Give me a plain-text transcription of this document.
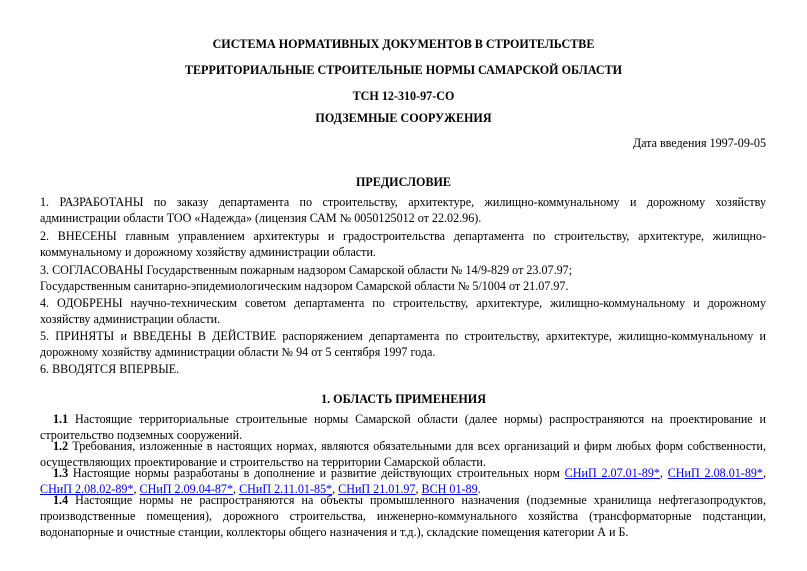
СИСТЕМА НОРМАТИВНЫХ ДОКУМЕНТОВ В СТРОИТЕЛЬСТВЕ
ТЕРРИТОРИАЛЬНЫЕ СТРОИТЕЛЬНЫЕ НОРМЫ САМАРСКОЙ ОБЛАСТИ
ТСН 12-310-97-СО
ПОДЗЕМНЫЕ СООРУЖЕНИЯ
Дата введения 1997-09-05
ПРЕДИСЛОВИЕ

1. РАЗРАБОТАНЫ по заказу департамента по строительству, архитектуре, жилищно-коммунальному и дорожному хозяйству администрации области ТОО «Надежда» (лицензия САМ № 0050125012 от 22.02.96).

2. ВНЕСЕНЫ главным управлением архитектуры и градостроительства департамента по строительству, архитектуре, жилищно-коммунальному и дорожному хозяйству администрации области.

3. СОГЛАСОВАНЫ Государственным пожарным надзором Самарской области № 14/9-829 от 23.07.97;

Государственным санитарно-эпидемиологическим надзором Самарской области № 5/1004 от 21.07.97.

4. ОДОБРЕНЫ научно-техническим советом департамента по строительству, архитектуре, жилищно-коммунальному и дорожному хозяйству администрации области.

5. ПРИНЯТЫ и ВВЕДЕНЫ В ДЕЙСТВИЕ распоряжением департамента по строительству, архитектуре, жилищно-коммунальному и дорожному хозяйству администрации области № 94 от 5 сентября 1997 года.

6. ВВОДЯТСЯ ВПЕРВЫЕ.

1. ОБЛАСТЬ ПРИМЕНЕНИЯ

1.1 Настоящие территориальные строительные нормы Самарской области (далее нормы) распространяются на проектирование и строительство подземных сооружений.

1.2 Требования, изложенные в настоящих нормах, являются обязательными для всех организаций и фирм любых форм собственности, осуществляющих проектирование и строительство на территории Самарской области.

1.3 Настоящие нормы разработаны в дополнение и развитие действующих строительных норм СНиП 2.07.01-89*, СНиП 2.08.01-89*, СНиП 2.08.02-89*, СНиП 2.09.04-87*, СНиП 2.11.01-85*, СНиП 21.01.97, ВСН 01-89.

1.4 Настоящие нормы не распространяются на объекты промышленного назначения (подземные хранилища нефтегазопродуктов, производственные помещения), дорожного строительства, инженерно-коммунального хозяйства (трансформаторные подстанции, водонапорные и очистные станции, коллекторы общего назначения и т.д.), складские помещения категории А и Б.
